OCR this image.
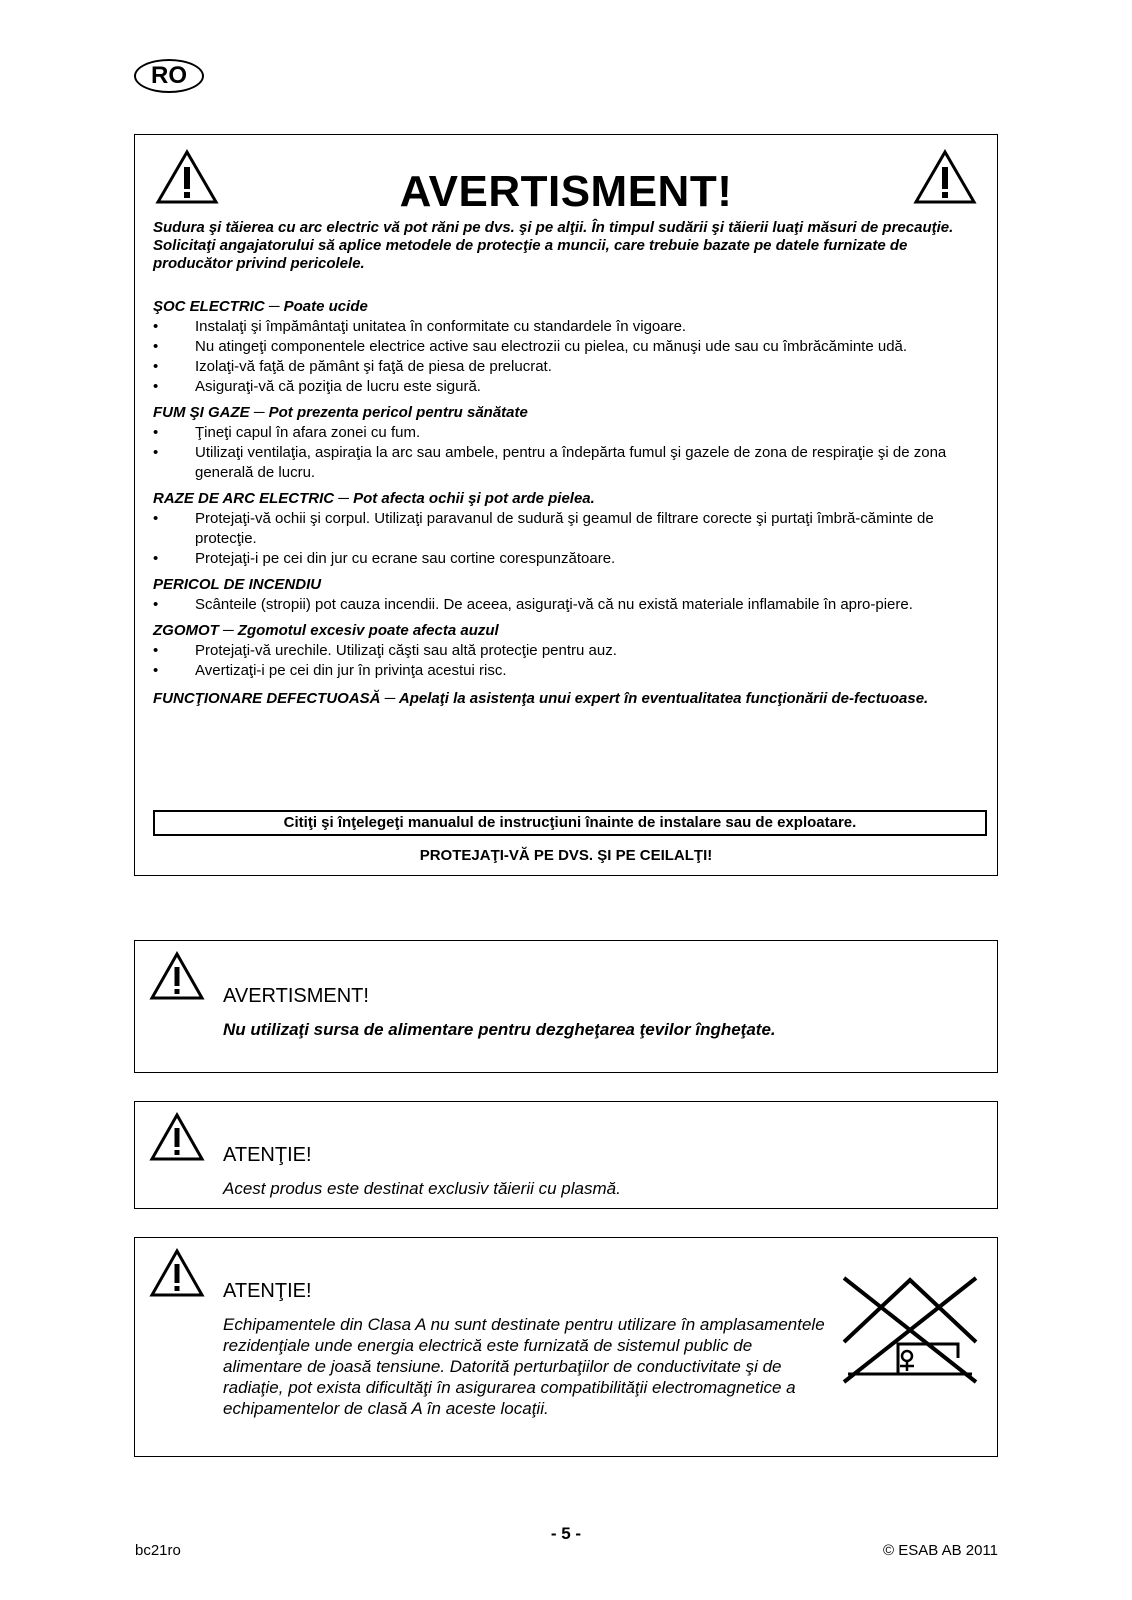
RO
AVERTISMENT!
Sudura şi tăierea cu arc electric vă pot răni pe dvs. şi pe alţii. În timpul sudării şi tăierii luaţi măsuri de precauţie. Solicitaţi angajatorului să aplice metodele de protecţie a muncii, care trebuie bazate pe datele furnizate de producător privind pericolele.
ŞOC ELECTRIC ─ Poate ucide
• Instalaţi şi împământaţi unitatea în conformitate cu standardele în vigoare.
• Nu atingeţi componentele electrice active sau electrozii cu pielea, cu mănuşi ude sau cu îmbrăcăminte udă.
• Izolaţi-vă faţă de pământ şi faţă de piesa de prelucrat.
• Asiguraţi-vă că poziţia de lucru este sigură.
FUM ŞI GAZE ─ Pot prezenta pericol pentru sănătate
• Ţineţi capul în afara zonei cu fum.
• Utilizaţi ventilaţia, aspiraţia la arc sau ambele, pentru a îndepărta fumul şi gazele de zona de respiraţie şi de zona generală de lucru.
RAZE DE ARC ELECTRIC ─ Pot afecta ochii şi pot arde pielea.
• Protejaţi-vă ochii şi corpul. Utilizaţi paravanul de sudură şi geamul de filtrare corecte şi purtaţi îmbră-căminte de protecţie.
• Protejaţi-i pe cei din jur cu ecrane sau cortine corespunzătoare.
PERICOL DE INCENDIU
• Scânteile (stropii) pot cauza incendii. De aceea, asiguraţi-vă că nu există materiale inflamabile în apro-piere.
ZGOMOT ─ Zgomotul excesiv poate afecta auzul
• Protejaţi-vă urechile. Utilizaţi căşti sau altă protecţie pentru auz.
• Avertizaţi-i pe cei din jur în privinţa acestui risc.
FUNCŢIONARE DEFECTUOASĂ ─ Apelaţi la asistenţa unui expert în eventualitatea funcţionării de-fectuoase.
Citiţi şi înţelegeţi manualul de instrucţiuni înainte de instalare sau de exploatare.
PROTEJAŢI-VĂ PE DVS. ŞI PE CEILALŢI!
AVERTISMENT!
Nu utilizaţi sursa de alimentare pentru dezgheţarea ţevilor îngheţate.
ATENŢIE!
Acest produs este destinat exclusiv tăierii cu plasmă.
ATENŢIE!
Echipamentele din Clasa A nu sunt destinate pentru utilizare în amplasamentele rezidenţiale unde energia electrică este furnizată de sistemul public de alimentare de joasă tensiune. Datorită perturbaţiilor de conductivitate şi de radiaţie, pot exista dificultăţi în asigurarea compatibilităţii electromagnetice a echipamentelor de clasă A în aceste locaţii.
- 5 -
bc21ro	© ESAB AB 2011
